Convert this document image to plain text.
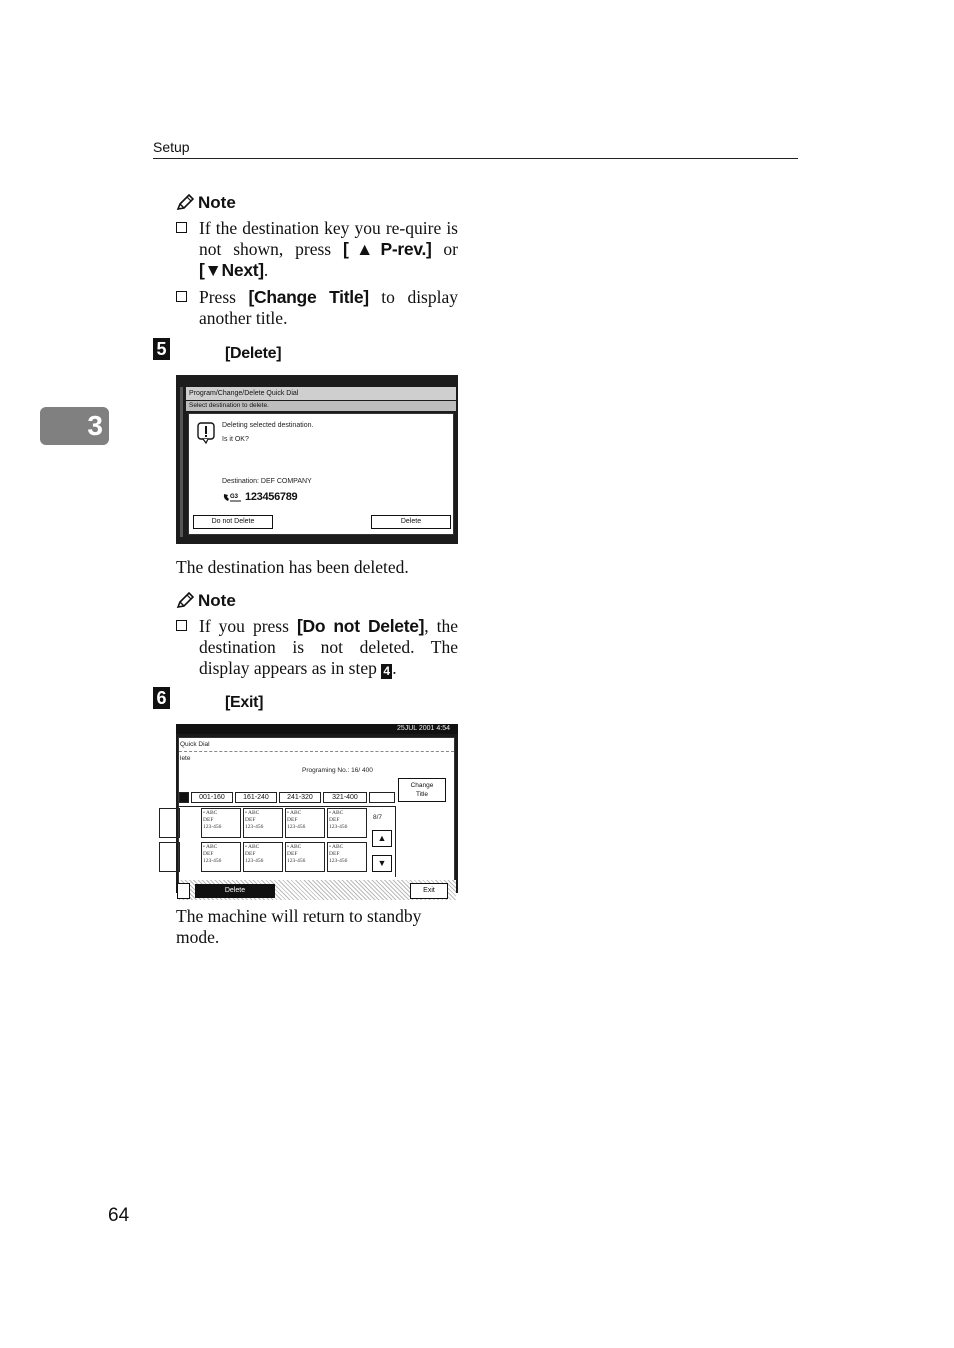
Setup
3
Note
If the destination key you re-quire is not shown, press [▲P-rev.] or [▼Next].
Press [Change Title] to display another title.
5	[Delete]
Program/Change/Delete Quick Dial
Select destination to delete.
Deleting selected destination.
Is it OK?
Destination: DEF COMPANY
G3 123456789
Do not Delete	Delete
The destination has been deleted.
Note
If you press [Do not Delete], the destination is not deleted. The display appears as in step 4 .
6	[Exit]
25JUL 2001 4:54
Quick Dial
lete
Programing No.: 16/ 400
001-160	161-240	241-320	321-400
Change
Title
• ABC
DEF
123-456
• ABC
DEF
123-456
• ABC
DEF
123-456
• ABC
DEF
123-456
• ABC
DEF
123-456
• ABC
DEF
123-456
• ABC
DEF
123-456
• ABC
DEF
123-456
8/7
▲
▼
Delete	Exit
The machine will return to standby mode.
64
